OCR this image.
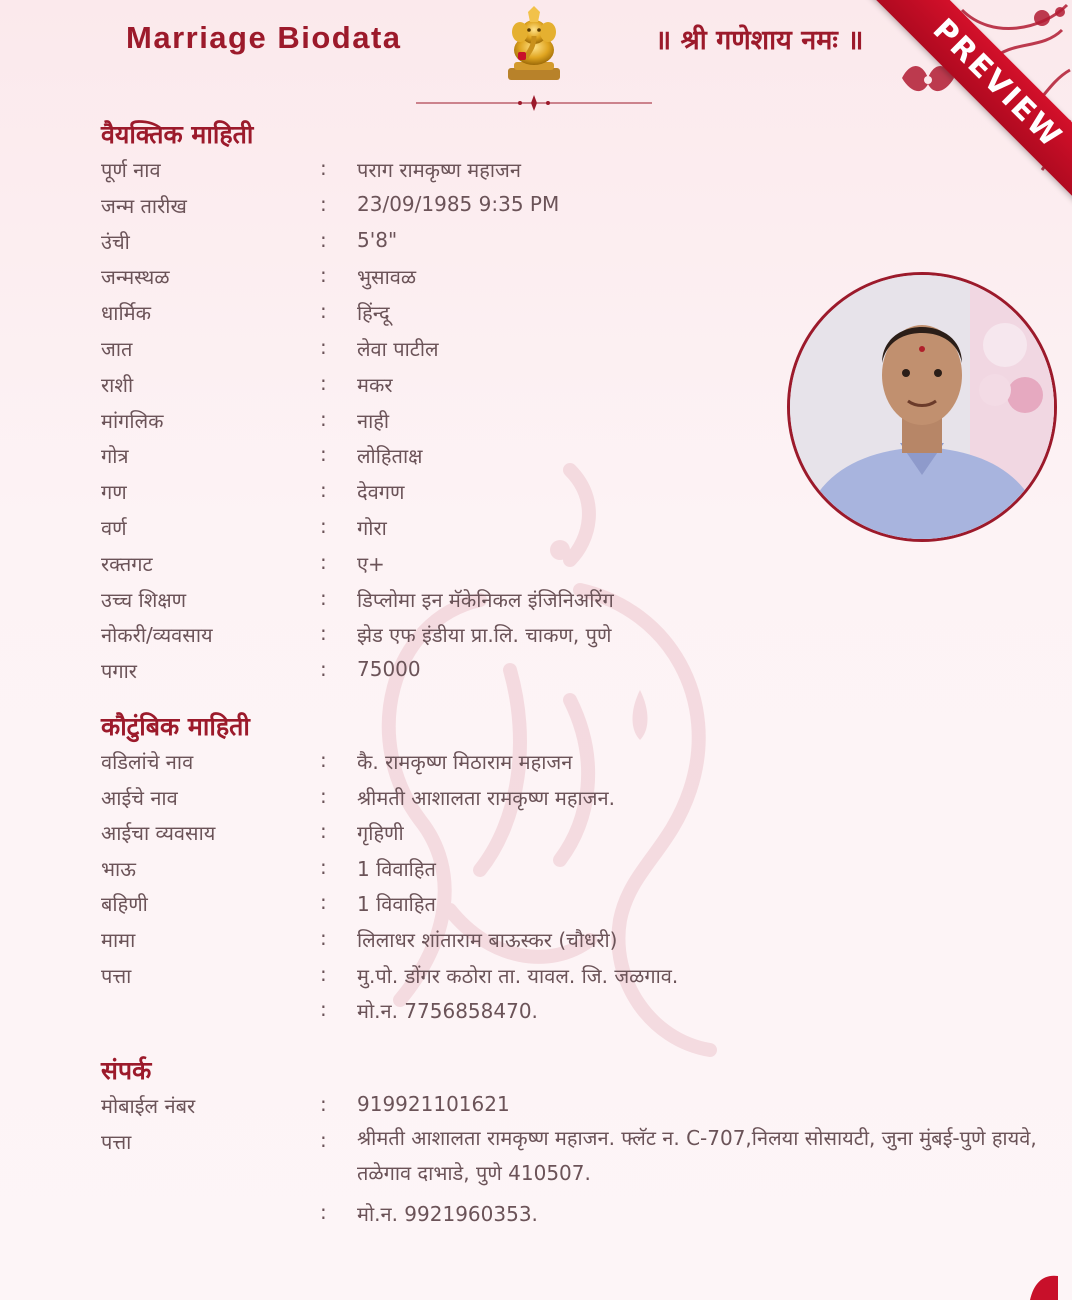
PREVIEW
Marriage Biodata	॥ श्री गणेशाय नमः ॥
वैयक्तिक माहिती
पूर्ण नाव	: पराग रामकृष्ण महाजन
जन्म तारीख	: 23/09/1985 9:35 PM
उंची	: 5'8"
जन्मस्थळ	: भुसावळ
धार्मिक	: हिंन्दू
जात	: लेवा पाटील
राशी	: मकर
मांगलिक	: नाही
गोत्र	: लोहिताक्ष
गण	: देवगण
वर्ण	: गोरा
रक्तगट	: ए+
उच्च शिक्षण	: डिप्लोमा इन मॅकेनिकल इंजिनिअरिंग
नोकरी/व्यवसाय	: झेड एफ इंडीया प्रा.लि. चाकण, पुणे
पगार	: 75000
कौटुंबिक माहिती
वडिलांचे नाव	: कै. रामकृष्ण मिठाराम महाजन
आईचे नाव	: श्रीमती आशालता रामकृष्ण महाजन.
आईचा व्यवसाय	: गृहिणी
भाऊ	: 1 विवाहित
बहिणी	: 1 विवाहित
मामा	: लिलाधर शांताराम बाऊस्कर (चौधरी)
पत्ता	: मु.पो. डोंगर कठोरा ता. यावल. जि. जळगाव.
: मो.न. 7756858470.
संपर्क
मोबाईल नंबर	: 919921101621
पत्ता	: श्रीमती आशालता रामकृष्ण महाजन. फ्लॅट न. C-707,निलया सोसायटी, जुना मुंबई-पुणे हायवे, तळेगाव दाभाडे, पुणे 410507.
: मो.न. 9921960353.
